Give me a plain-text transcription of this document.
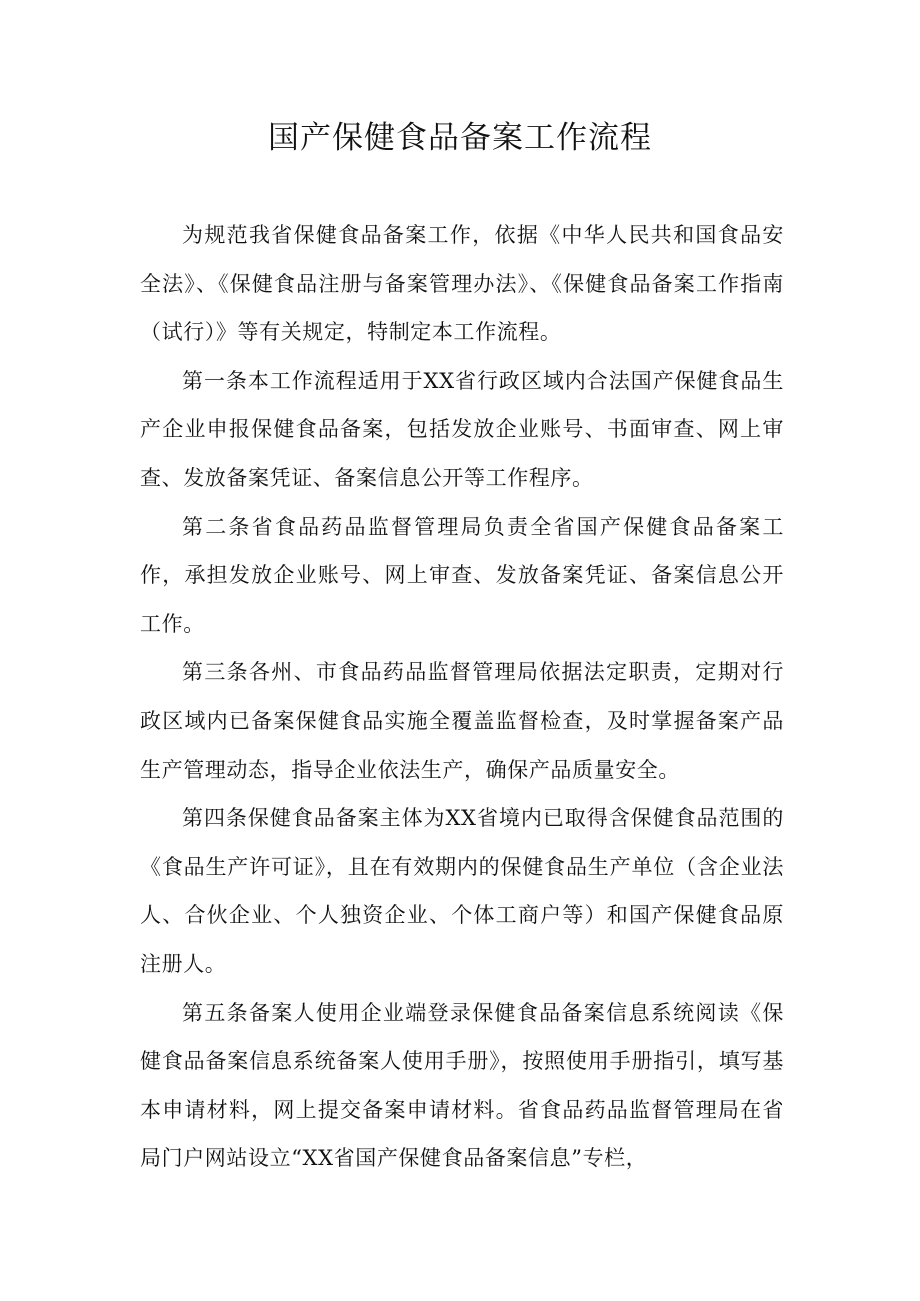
国产保健食品备案工作流程

为规范我省保健食品备案工作，依据《中华人民共和国食品安全法》、《保健食品注册与备案管理办法》、《保健食品备案工作指南（试行）》等有关规定，特制定本工作流程。

第一条本工作流程适用于XX省行政区域内合法国产保健食品生产企业申报保健食品备案，包括发放企业账号、书面审查、网上审查、发放备案凭证、备案信息公开等工作程序。

第二条省食品药品监督管理局负责全省国产保健食品备案工作，承担发放企业账号、网上审查、发放备案凭证、备案信息公开工作。

第三条各州、市食品药品监督管理局依据法定职责，定期对行政区域内已备案保健食品实施全覆盖监督检查，及时掌握备案产品生产管理动态，指导企业依法生产，确保产品质量安全。

第四条保健食品备案主体为XX省境内已取得含保健食品范围的《食品生产许可证》，且在有效期内的保健食品生产单位（含企业法人、合伙企业、个人独资企业、个体工商户等）和国产保健食品原注册人。

第五条备案人使用企业端登录保健食品备案信息系统阅读《保健食品备案信息系统备案人使用手册》，按照使用手册指引，填写基本申请材料，网上提交备案申请材料。省食品药品监督管理局在省局门户网站设立“XX省国产保健食品备案信息”专栏，
